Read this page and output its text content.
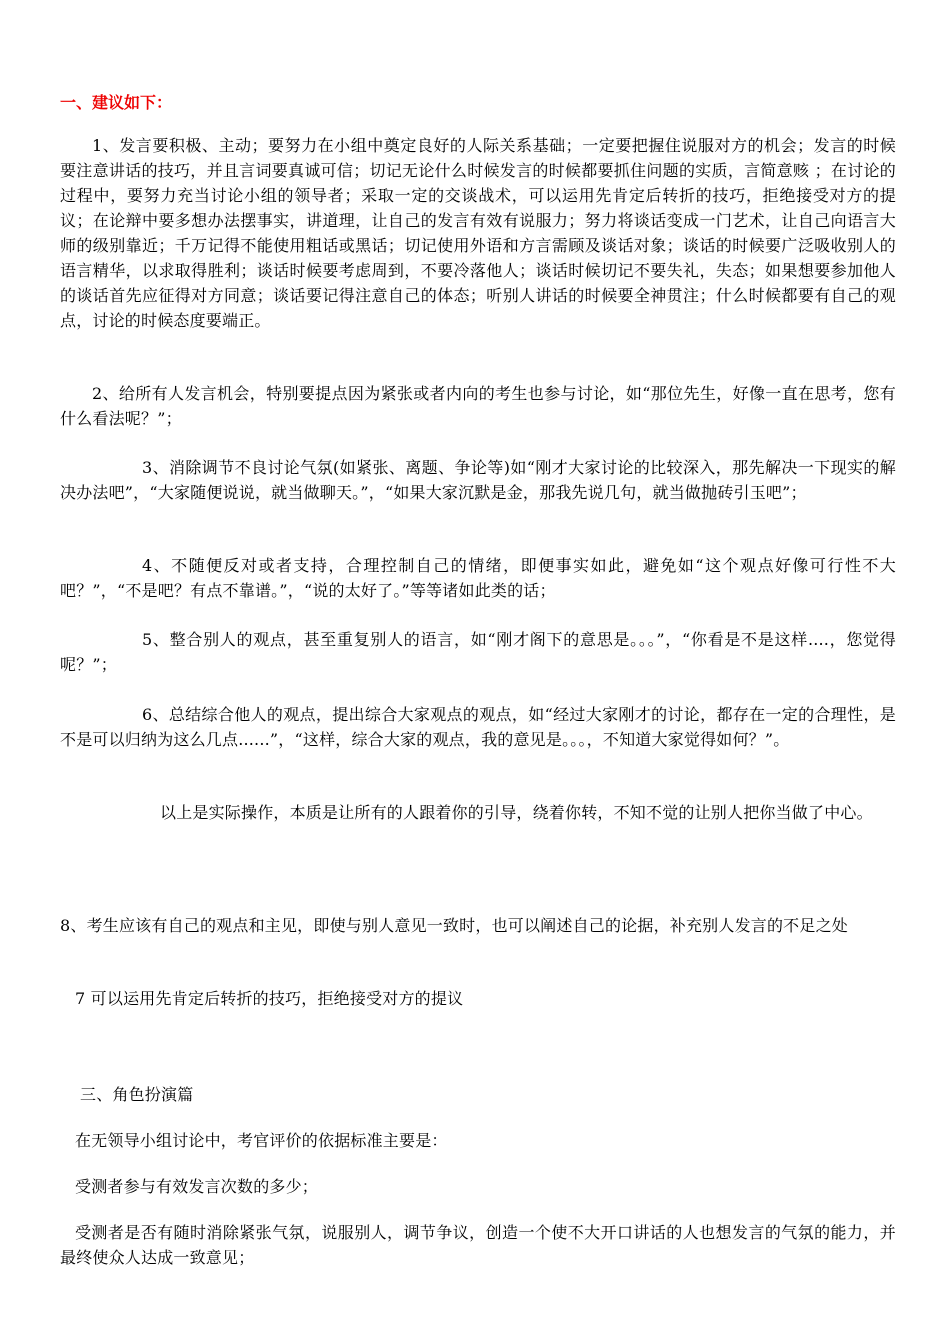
一、建议如下：

1、发言要积极、主动；要努力在小组中奠定良好的人际关系基础；一定要把握住说服对方的机会；发言的时候要注意讲话的技巧，并且言词要真诚可信；切记无论什么时候发言的时候都要抓住问题的实质，言简意赅 ；在讨论的过程中，要努力充当讨论小组的领导者；采取一定的交谈战术，可以运用先肯定后转折的技巧，拒绝接受对方的提议；在论辩中要多想办法摆事实，讲道理，让自己的发言有效有说服力；努力将谈话变成一门艺术，让自己向语言大师的级别靠近；千万记得不能使用粗话或黑话；切记使用外语和方言需顾及谈话对象；谈话的时候要广泛吸收别人的语言精华，以求取得胜利；谈话时候要考虑周到，不要冷落他人；谈话时候切记不要失礼，失态；如果想要参加他人的谈话首先应征得对方同意；谈话要记得注意自己的体态；听别人讲话的时候要全神贯注；什么时候都要有自己的观点，讨论的时候态度要端正。

2、给所有人发言机会，特别要提点因为紧张或者内向的考生也参与讨论，如“那位先生，好像一直在思考，您有什么看法呢？”；

3、消除调节不良讨论气氛(如紧张、离题、争论等)如“刚才大家讨论的比较深入，那先解决一下现实的解决办法吧”，“大家随便说说，就当做聊天。”，“如果大家沉默是金，那我先说几句，就当做抛砖引玉吧”；

4、不随便反对或者支持，合理控制自己的情绪，即便事实如此，避免如“这个观点好像可行性不大吧？”，“不是吧？有点不靠谱。”，“说的太好了。”等等诸如此类的话；

5、整合别人的观点，甚至重复别人的语言，如“刚才阁下的意思是。。。”，“你看是不是这样....，您觉得呢？”；

6、总结综合他人的观点，提出综合大家观点的观点，如“经过大家刚才的讨论，都存在一定的合理性，是不是可以归纳为这么几点......”，“这样，综合大家的观点，我的意见是。。。，不知道大家觉得如何？”。

以上是实际操作，本质是让所有的人跟着你的引导，绕着你转，不知不觉的让别人把你当做了中心。

8、考生应该有自己的观点和主见，即使与别人意见一致时，也可以阐述自己的论据，补充别人发言的不足之处

7 可以运用先肯定后转折的技巧，拒绝接受对方的提议

三、角色扮演篇

在无领导小组讨论中，考官评价的依据标准主要是：

受测者参与有效发言次数的多少；

受测者是否有随时消除紧张气氛，说服别人，调节争议，创造一个使不大开口讲话的人也想发言的气氛的能力，并最终使众人达成一致意见；
